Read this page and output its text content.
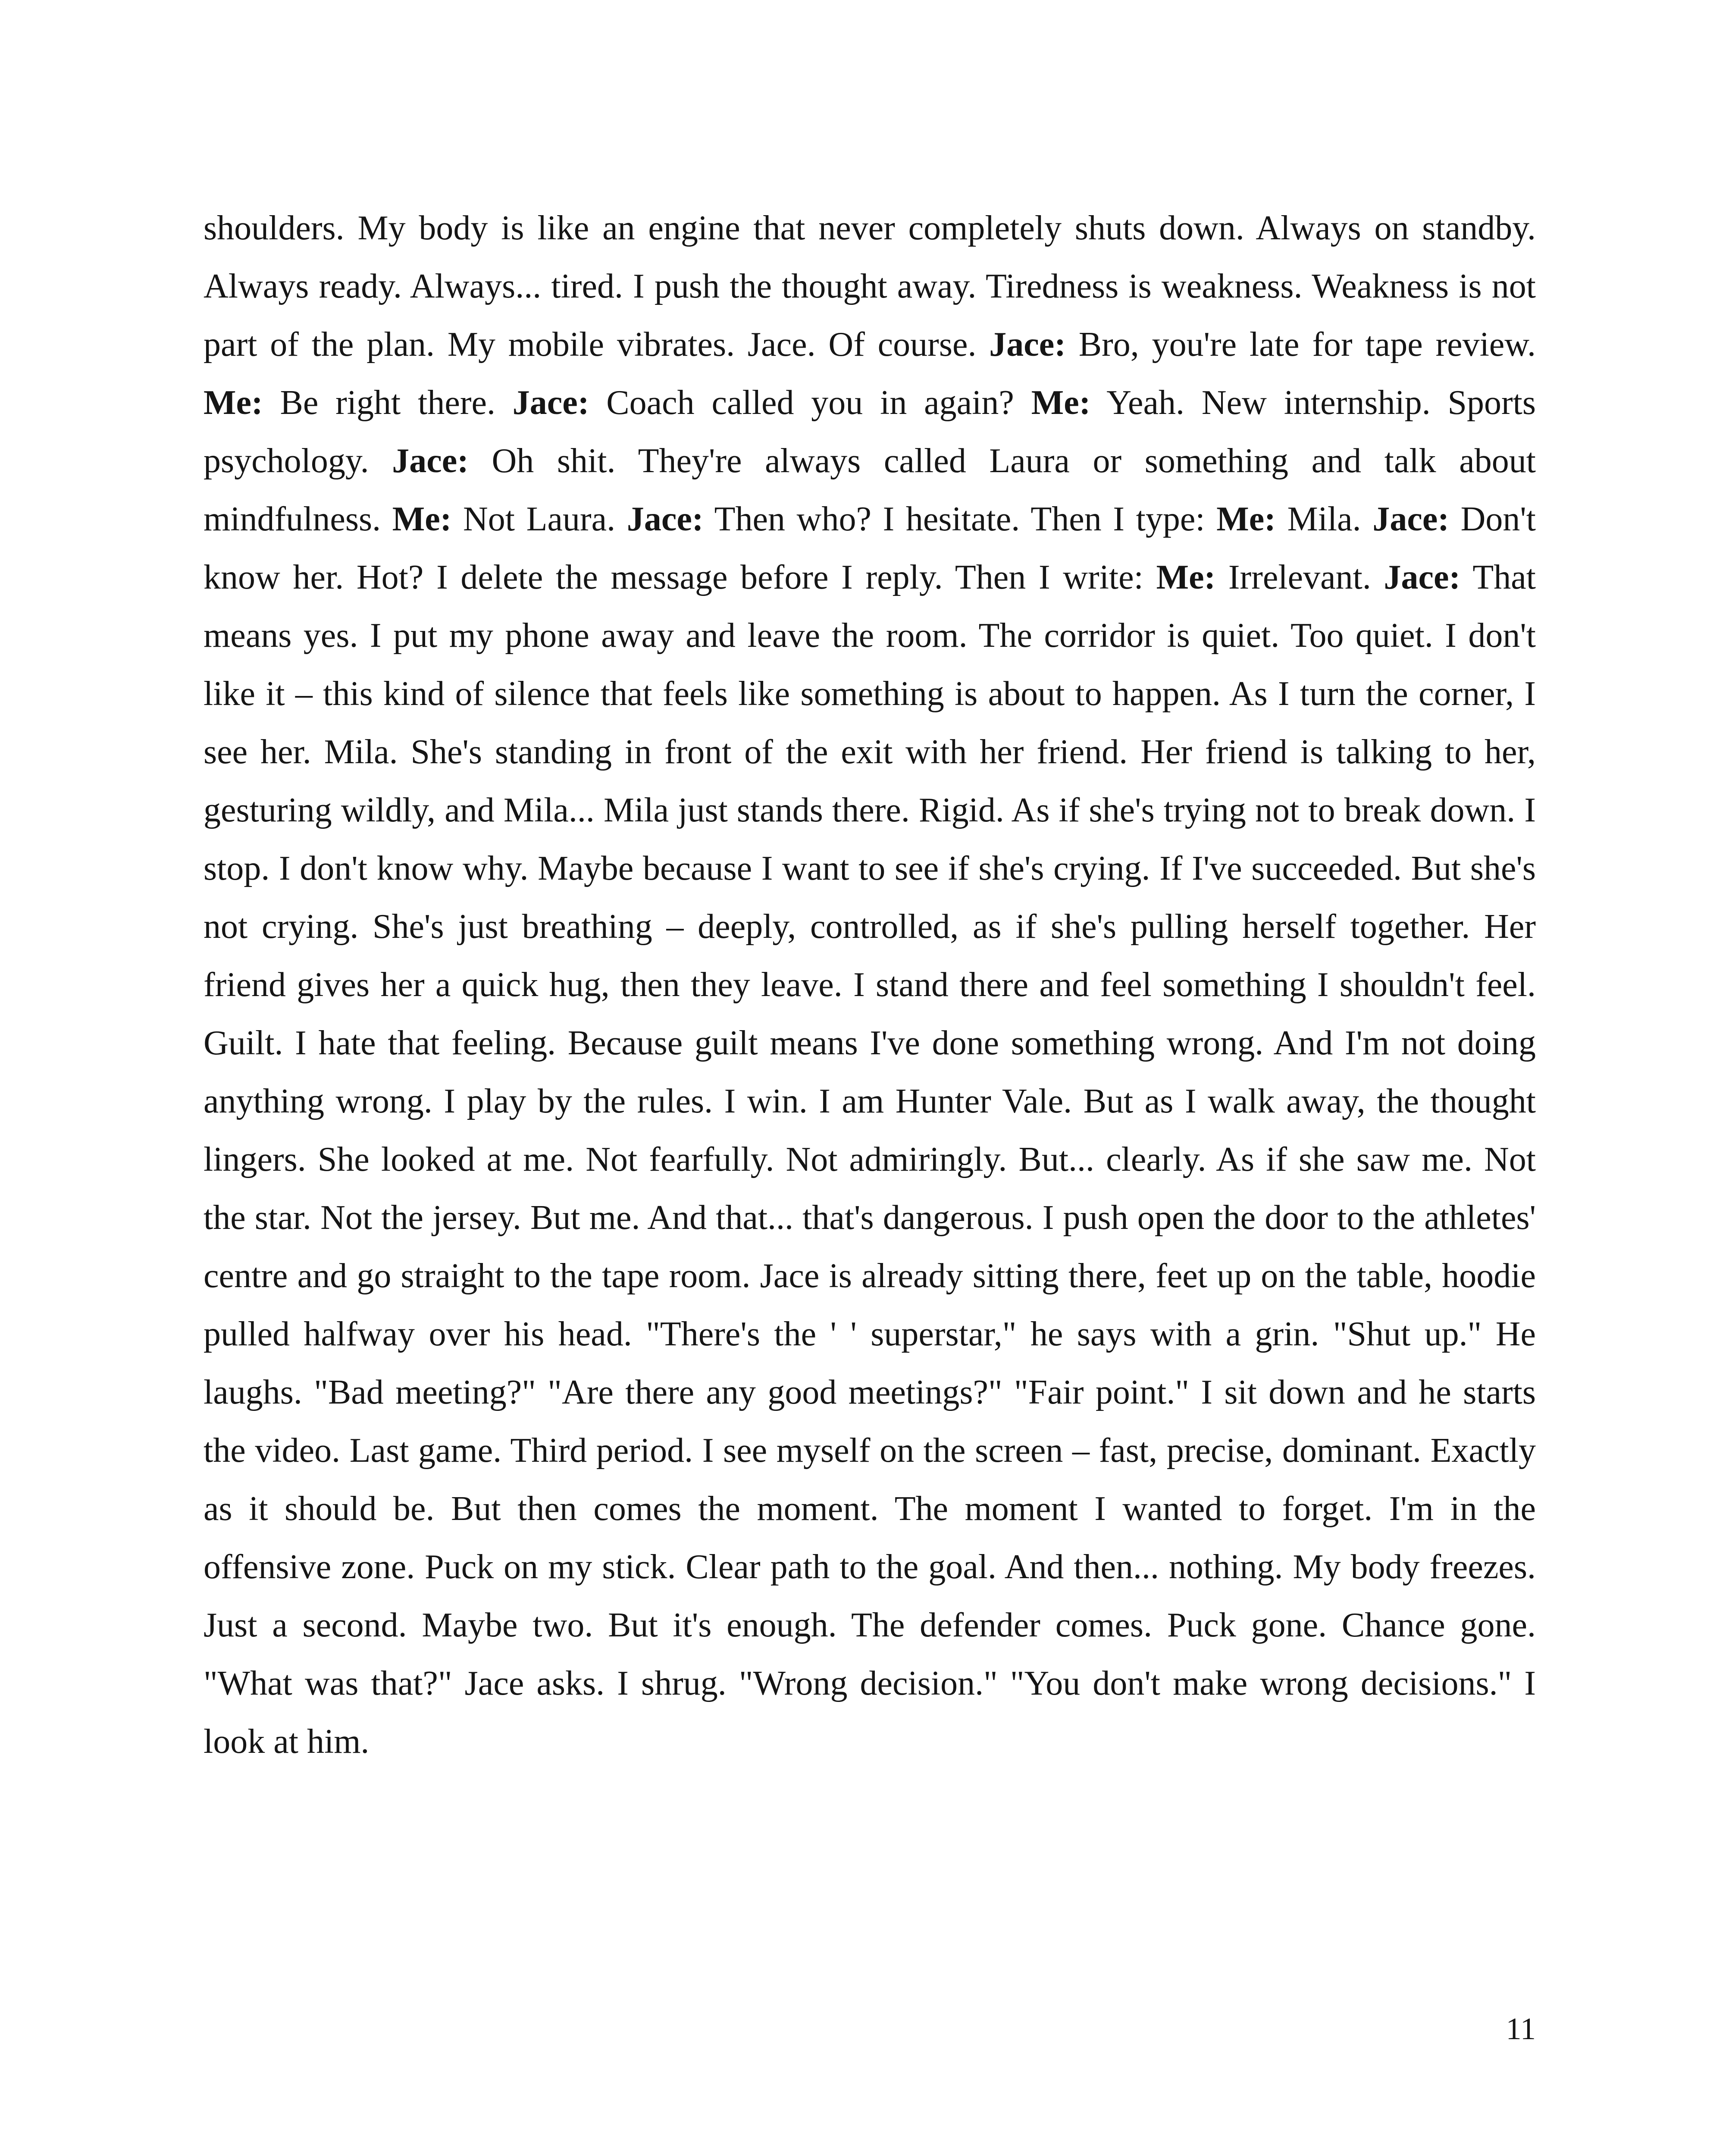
shoulders. My body is like an engine that never completely shuts down. Always on standby. Always ready. Always... tired. I push the thought away. Tiredness is weakness. Weakness is not part of the plan. My mobile vibrates. Jace. Of course. Jace: Bro, you're late for tape review. Me: Be right there. Jace: Coach called you in again? Me: Yeah. New internship. Sports psychology. Jace: Oh shit. They're always called Laura or something and talk about mindfulness. Me: Not Laura. Jace: Then who? I hesitate. Then I type: Me: Mila. Jace: Don't know her. Hot? I delete the message before I reply. Then I write: Me: Irrelevant. Jace: That means yes. I put my phone away and leave the room. The corridor is quiet. Too quiet. I don't like it – this kind of silence that feels like something is about to happen. As I turn the corner, I see her. Mila. She's standing in front of the exit with her friend. Her friend is talking to her, gesturing wildly, and Mila... Mila just stands there. Rigid. As if she's trying not to break down. I stop. I don't know why. Maybe because I want to see if she's crying. If I've succeeded. But she's not crying. She's just breathing – deeply, controlled, as if she's pulling herself together. Her friend gives her a quick hug, then they leave. I stand there and feel something I shouldn't feel. Guilt. I hate that feeling. Because guilt means I've done something wrong. And I'm not doing anything wrong. I play by the rules. I win. I am Hunter Vale. But as I walk away, the thought lingers. She looked at me. Not fearfully. Not admiringly. But... clearly. As if she saw me. Not the star. Not the jersey. But me. And that... that's dangerous. I push open the door to the athletes' centre and go straight to the tape room. Jace is already sitting there, feet up on the table, hoodie pulled halfway over his head. "There's the ' ' superstar," he says with a grin. "Shut up." He laughs. "Bad meeting?" "Are there any good meetings?" "Fair point." I sit down and he starts the video. Last game. Third period. I see myself on the screen – fast, precise, dominant. Exactly as it should be. But then comes the moment. The moment I wanted to forget. I'm in the offensive zone. Puck on my stick. Clear path to the goal. And then... nothing. My body freezes. Just a second. Maybe two. But it's enough. The defender comes. Puck gone. Chance gone. "What was that?" Jace asks. I shrug. "Wrong decision." "You don't make wrong decisions." I look at him.
11
